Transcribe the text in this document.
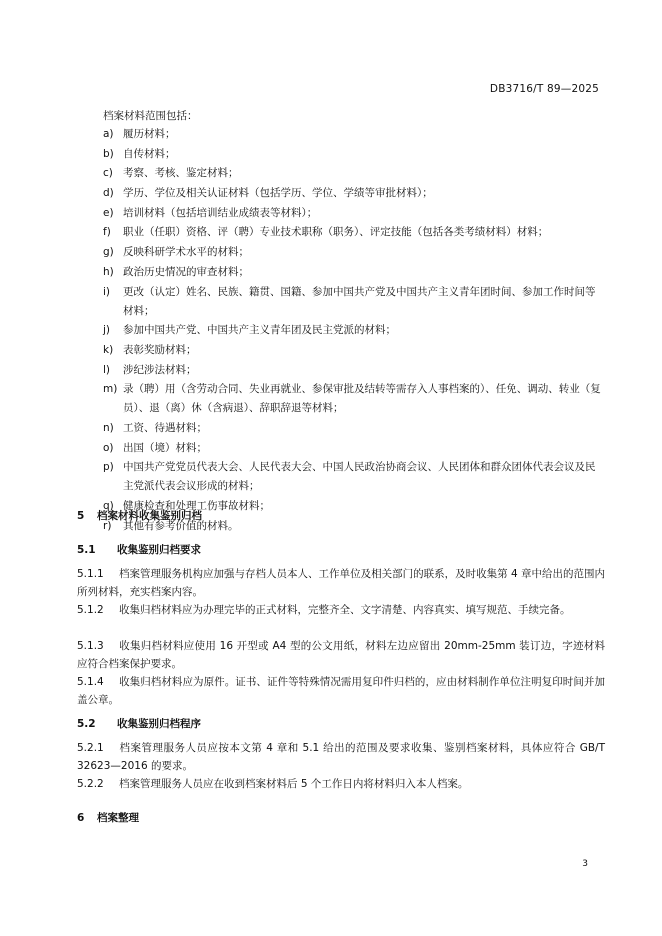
DB3716/T 89—2025
档案材料范围包括：
a) 履历材料；
b) 自传材料；
c) 考察、考核、鉴定材料；
d) 学历、学位及相关认证材料（包括学历、学位、学绩等审批材料）；
e) 培训材料（包括培训结业成绩表等材料）；
f)	职业（任职）资格、评（聘）专业技术职称（职务）、评定技能（包括各类考绩材料）材料；
g) 反映科研学术水平的材料；
h) 政治历史情况的审查材料；
i)	更改（认定）姓名、民族、籍贯、国籍、参加中国共产党及中国共产主义青年团时间、参加工作时间等材料；
j)	参加中国共产党、中国共产主义青年团及民主党派的材料；
k) 表彰奖励材料；
l)	涉纪涉法材料；
m) 录（聘）用（含劳动合同、失业再就业、参保审批及结转等需存入人事档案的）、任免、调动、转业（复员）、退（离）休（含病退）、辞职辞退等材料；
n) 工资、待遇材料；
o) 出国（境）材料；
p) 中国共产党党员代表大会、人民代表大会、中国人民政治协商会议、人民团体和群众团体代表会议及民主党派代表会议形成的材料；
q) 健康检查和处理工伤事故材料；
r)	其他有参考价值的材料。
5 档案材料收集鉴别归档
5.1 收集鉴别归档要求
5.1.1 档案管理服务机构应加强与存档人员本人、工作单位及相关部门的联系，及时收集第 4 章中给出的范围内所列材料，充实档案内容。
5.1.2 收集归档材料应为办理完毕的正式材料，完整齐全、文字清楚、内容真实、填写规范、手续完备。
5.1.3 收集归档材料应使用 16 开型或 A4 型的公文用纸，材料左边应留出 20mm-25mm 装订边，字迹材料应符合档案保护要求。
5.1.4 收集归档材料应为原件。证书、证件等特殊情况需用复印件归档的，应由材料制作单位注明复印时间并加盖公章。
5.2 收集鉴别归档程序
5.2.1 档案管理服务人员应按本文第 4 章和 5.1 给出的范围及要求收集、鉴别档案材料，具体应符合 GB/T 32623—2016 的要求。
5.2.2 档案管理服务人员应在收到档案材料后 5 个工作日内将材料归入本人档案。
6 档案整理
3
